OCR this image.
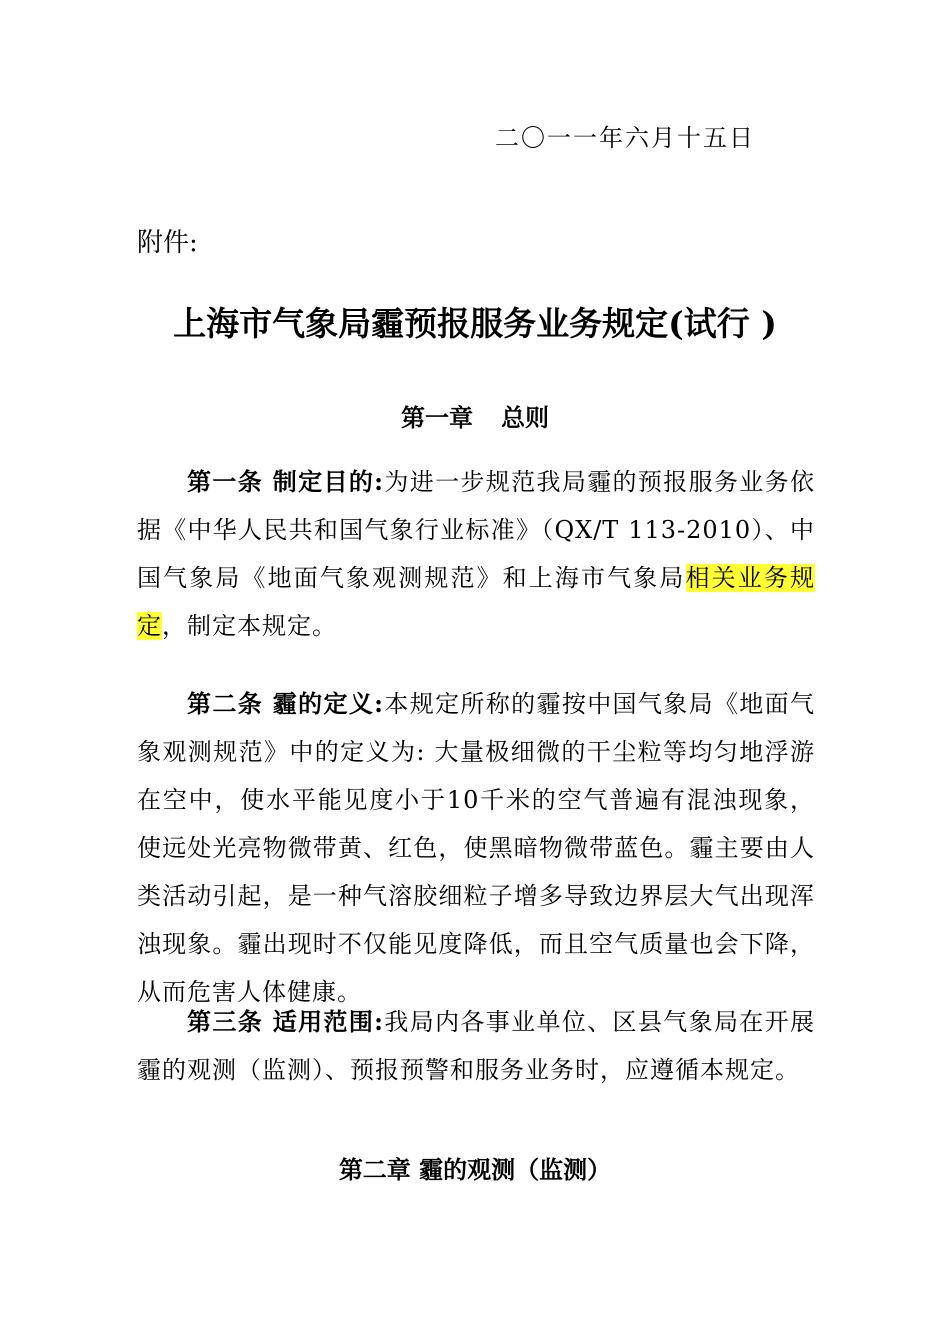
二〇一一年六月十五日
附件:
上海市气象局霾预报服务业务规定(试行 )
第一章 总则

第一条 制定目的:为进一步规范我局霾的预报服务业务依据《中华人民共和国气象行业标准》（QX/T 113-2010）、中国气象局《地面气象观测规范》和上海市气象局相关业务规定，制定本规定。

第二条 霾的定义:本规定所称的霾按中国气象局《地面气象观测规范》中的定义为: 大量极细微的干尘粒等均匀地浮游在空中，使水平能见度小于10千米的空气普遍有混浊现象，使远处光亮物微带黄、红色，使黑暗物微带蓝色。霾主要由人类活动引起，是一种气溶胶细粒子增多导致边界层大气出现浑浊现象。霾出现时不仅能见度降低，而且空气质量也会下降，从而危害人体健康。

第三条 适用范围:我局内各事业单位、区县气象局在开展霾的观测（监测）、预报预警和服务业务时，应遵循本规定。

第二章 霾的观测（监测）
